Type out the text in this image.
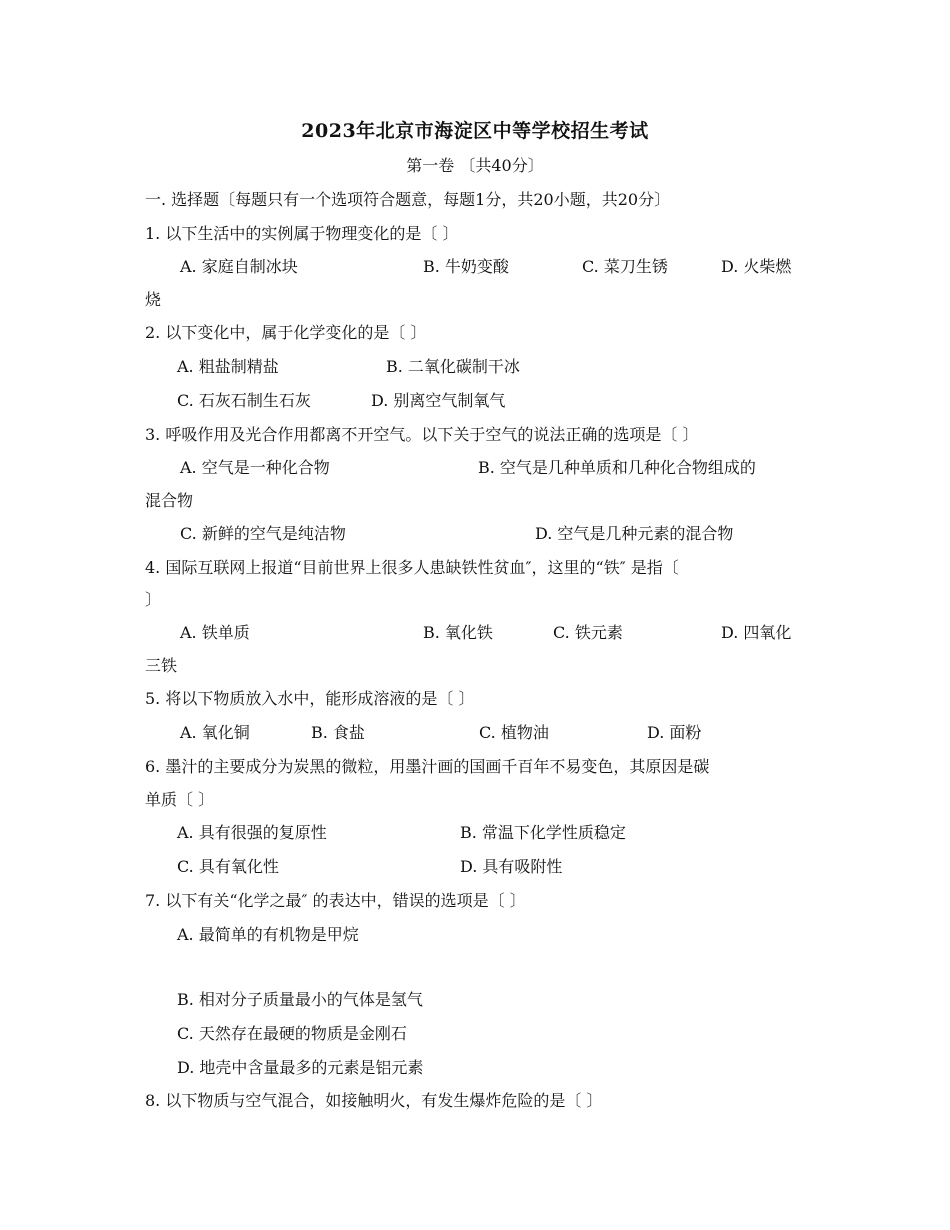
2023年北京市海淀区中等学校招生考试
第一卷 〔共40分〕
一. 选择题〔每题只有一个选项符合题意，每题1分，共20小题，共20分〕
1. 以下生活中的实例属于物理变化的是〔 〕
A. 家庭自制冰块	B. 牛奶变酸	C. 菜刀生锈	D. 火柴燃
烧
2. 以下变化中，属于化学变化的是〔 〕
A. 粗盐制精盐	B. 二氧化碳制干冰
C. 石灰石制生石灰	D. 别离空气制氧气
3. 呼吸作用及光合作用都离不开空气。以下关于空气的说法正确的选项是〔 〕
A. 空气是一种化合物	B. 空气是几种单质和几种化合物组成的
混合物
C. 新鲜的空气是纯洁物	D. 空气是几种元素的混合物
4. 国际互联网上报道“目前世界上很多人患缺铁性贫血″，这里的“铁″ 是指〔
〕
A. 铁单质	B. 氧化铁	C. 铁元素	D. 四氧化
三铁
5. 将以下物质放入水中，能形成溶液的是〔 〕
A. 氧化铜	B. 食盐	C. 植物油	D. 面粉
6. 墨汁的主要成分为炭黑的微粒，用墨汁画的国画千百年不易变色，其原因是碳
单质〔 〕
A. 具有很强的复原性	B. 常温下化学性质稳定
C. 具有氧化性	D. 具有吸附性
7. 以下有关“化学之最″ 的表达中，错误的选项是〔 〕
A. 最简单的有机物是甲烷
B. 相对分子质量最小的气体是氢气
C. 天然存在最硬的物质是金刚石
D. 地壳中含量最多的元素是铝元素
8. 以下物质与空气混合，如接触明火，有发生爆炸危险的是〔 〕
